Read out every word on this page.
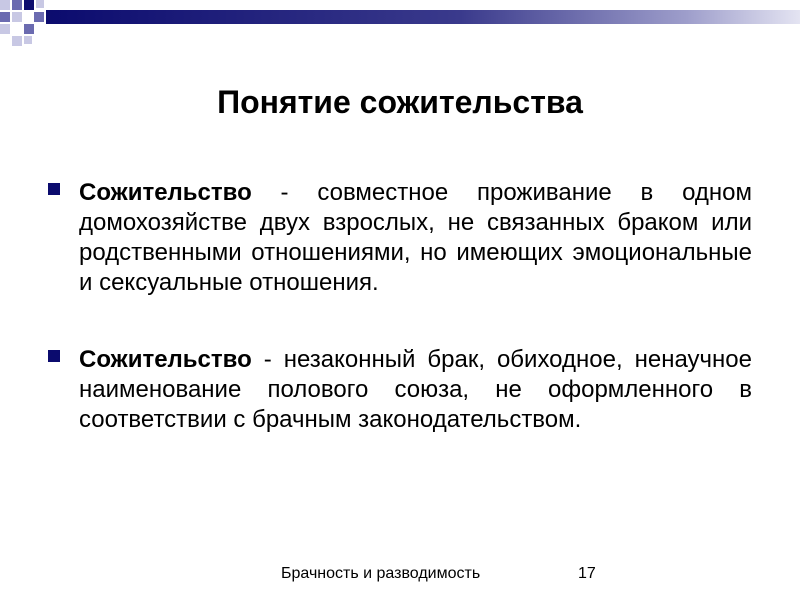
Понятие сожительства
Сожительство - совместное проживание в одном домохозяйстве двух взрослых, не связанных браком или родственными отношениями, но имеющих эмоциональные и сексуальные отношения.
Сожительство - незаконный брак, обиходное, ненаучное наименование полового союза, не оформленного в соответствии с брачным законодательством.
Брачность и разводимость	17
